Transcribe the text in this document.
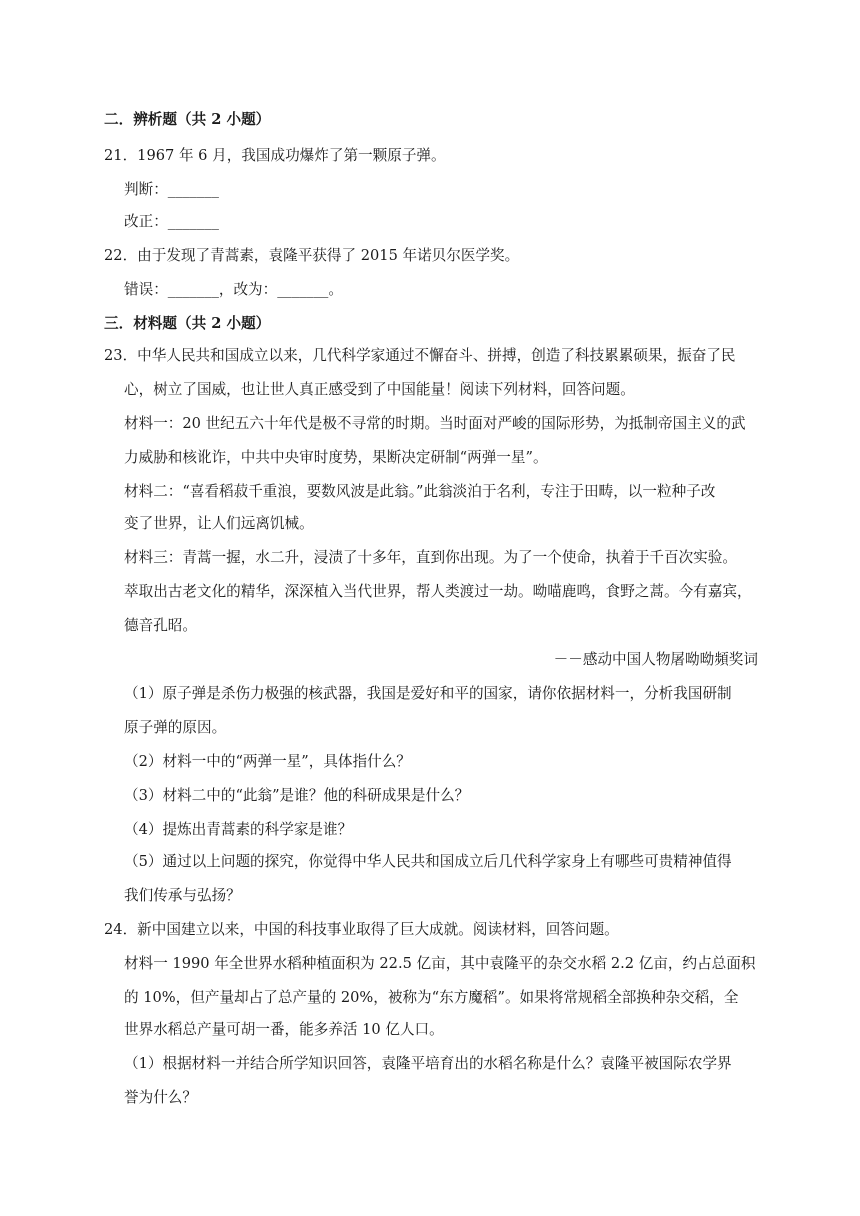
二．辨析题（共 2 小题）
21．1967 年 6 月，我国成功爆炸了第一颗原子弹。
判断：_______
改正：_______
22．由于发现了青蒿素，袁隆平获得了 2015 年诺贝尔医学奖。
错误：_______，改为：_______。
三．材料题（共 2 小题）
23．中华人民共和国成立以来，几代科学家通过不懈奋斗、拼搏，创造了科技累累硕果，振奋了民
心，树立了国威，也让世人真正感受到了中国能量！阅读下列材料，回答问题。
材料一：20 世纪五六十年代是极不寻常的时期。当时面对严峻的国际形势，为抵制帝国主义的武
力威胁和核讹诈，中共中央审时度势，果断决定研制“两弹一星”。
材料二：“喜看稻菽千重浪，要数风波是此翁。”此翁淡泊于名利，专注于田畴，以一粒种子改
变了世界，让人们远离饥械。
材料三：青蒿一握，水二升，浸渍了十多年，直到你出现。为了一个使命，执着于千百次实验。
萃取出古老文化的精华，深深植入当代世界，帮人类渡过一劫。呦喵鹿鸣，食野之蒿。今有嘉宾，
德音孔昭。
－－感动中国人物屠呦呦頻奖词
（1）原子弹是杀伤力极强的核武器，我国是爱好和平的国家，请你依据材料一，分析我国研制
原子弹的原因。
（2）材料一中的“两弹一星”，具体指什么？
（3）材料二中的“此翁”是谁？他的科研成果是什么？
（4）提炼出青蒿素的科学家是谁？
（5）通过以上问题的探究，你觉得中华人民共和国成立后几代科学家身上有哪些可贵精神值得
我们传承与弘扬？
24．新中国建立以来，中国的科技事业取得了巨大成就。阅读材料，回答问题。
材料一 1990 年全世界水稻种植面积为 22.5 亿亩，其中袁隆平的杂交水稻 2.2 亿亩，约占总面积
的 10%，但产量却占了总产量的 20%，被称为“东方魔稻”。如果将常规稻全部换种杂交稻，全
世界水稻总产量可胡一番，能多养活 10 亿人口。
（1）根据材料一并结合所学知识回答，袁隆平培育出的水稻名称是什么？袁隆平被国际农学界
誉为什么？
